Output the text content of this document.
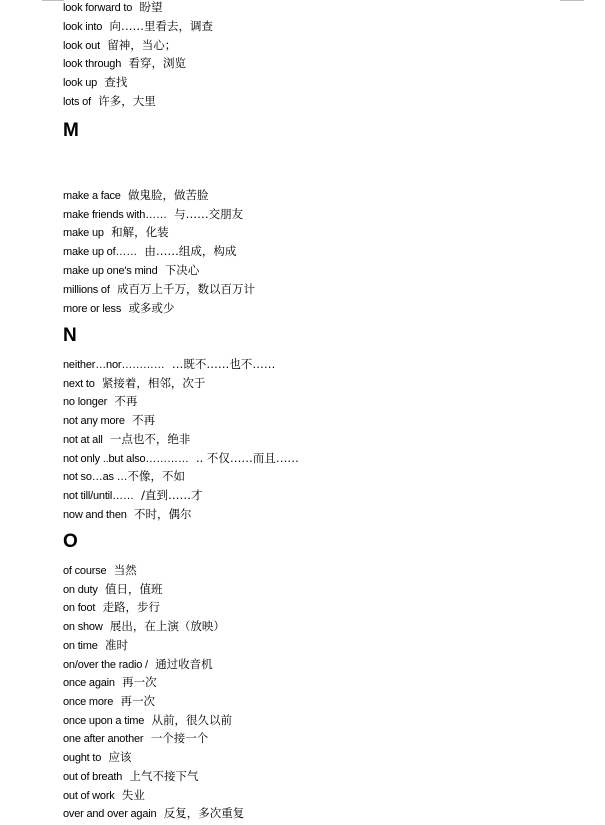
look forward to 盼望
look into 向……里看去，调查
look out 留神，当心；
look through 看穿，浏览
look up 查找
lots of 许多，大里
M
make a face 做鬼脸，做苦脸
make friends with…… 与……交朋友
make up 和解，化装
make up of…… 由……组成，构成
make up one's mind 下决心
millions of 成百万上千万，数以百万计
more or less 或多或少
N
neither…nor………… …既不……也不……
next to 紧接着，相邻，次于
no longer 不再
not any more 不再
not at all 一点也不，绝非
not only ..but also………… .. 不仅……而且……
not so…as …不像，不如
not till/until…… /直到……才
now and then 不时，偶尔
O
of course 当然
on duty 值日，值班
on foot 走路，步行
on show 展出，在上演（放映）
on time 准时
on/over the radio / 通过收音机
once again 再一次
once more 再一次
once upon a time 从前，很久以前
one after another 一个接一个
ought to 应该
out of breath 上气不接下气
out of work 失业
over and over again 反复，多次重复
